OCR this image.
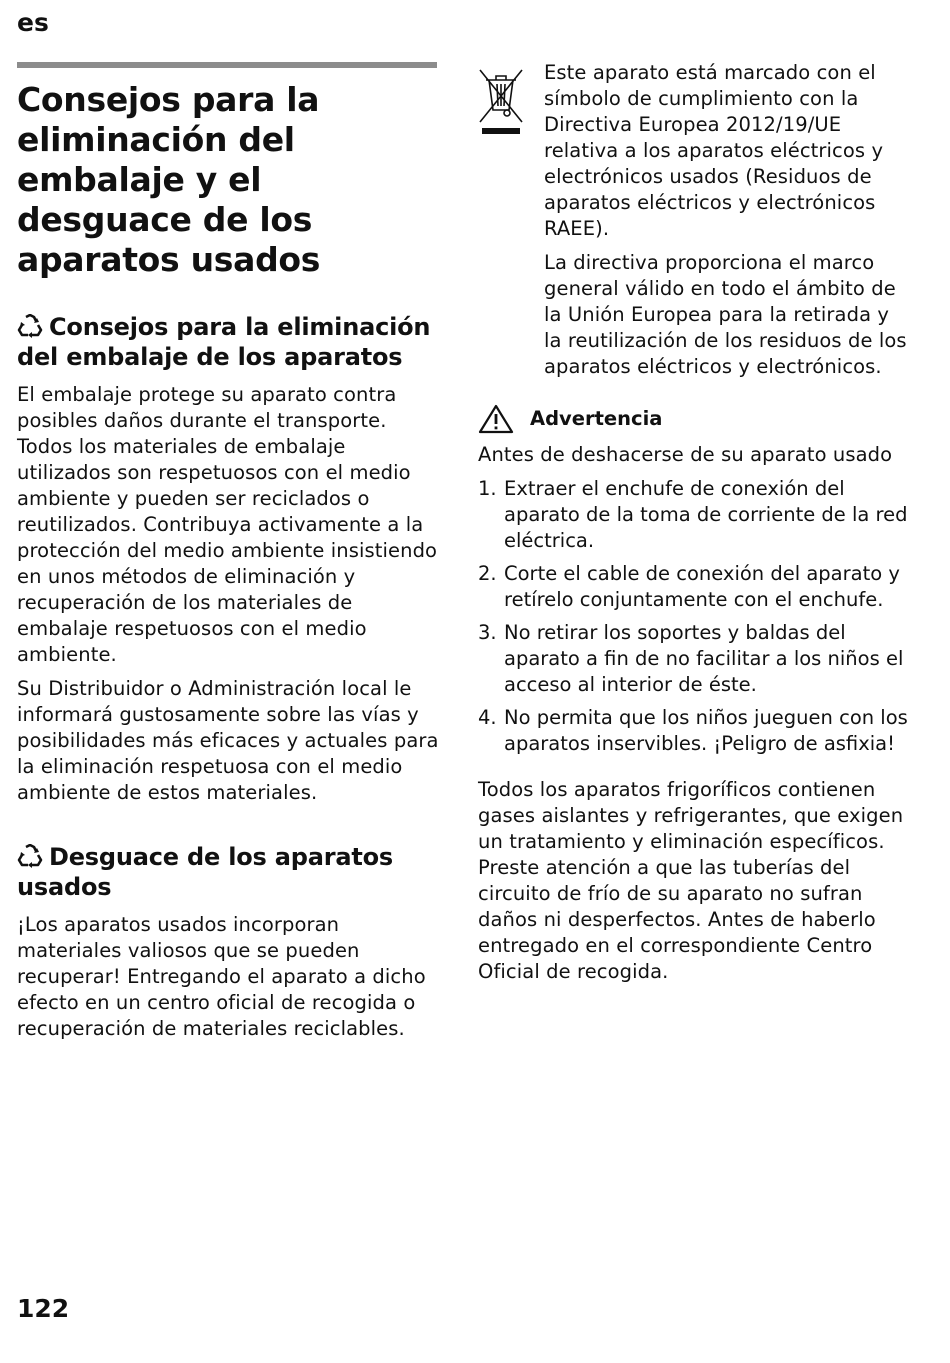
es
Consejos para la eliminación del embalaje y el desguace de los aparatos usados
Consejos para la eliminación del embalaje de los aparatos

El embalaje protege su aparato contra posibles daños durante el transporte. Todos los materiales de embalaje utilizados son respetuosos con el medio ambiente y pueden ser reciclados o reutilizados. Contribuya activamente a la protección del medio ambiente insistiendo en unos métodos de eliminación y recuperación de los materiales de embalaje respetuosos con el medio ambiente.

Su Distribuidor o Administración local le informará gustosamente sobre las vías y posibilidades más eficaces y actuales para la eliminación respetuosa con el medio ambiente de estos materiales.

Desguace de los aparatos usados

¡Los aparatos usados incorporan materiales valiosos que se pueden recuperar! Entregando el aparato a dicho efecto en un centro oficial de recogida o recuperación de materiales reciclables.

Este aparato está marcado con el símbolo de cumplimiento con la Directiva Europea 2012/19/UE relativa a los aparatos eléctricos y electrónicos usados (Residuos de aparatos eléctricos y electrónicos RAEE).

La directiva proporciona el marco general válido en todo el ámbito de la Unión Europea para la retirada y la reutilización de los residuos de los aparatos eléctricos y electrónicos.

Advertencia

Antes de deshacerse de su aparato usado

1. Extraer el enchufe de conexión del aparato de la toma de corriente de la red eléctrica.
2. Corte el cable de conexión del aparato y retírelo conjuntamente con el enchufe.
3. No retirar los soportes y baldas del aparato a fin de no facilitar a los niños el acceso al interior de éste.
4. No permita que los niños jueguen con los aparatos inservibles. ¡Peligro de asfixia!

Todos los aparatos frigoríficos contienen gases aislantes y refrigerantes, que exigen un tratamiento y eliminación específicos. Preste atención a que las tuberías del circuito de frío de su aparato no sufran daños ni desperfectos. Antes de haberlo entregado en el correspondiente Centro Oficial de recogida.

122
